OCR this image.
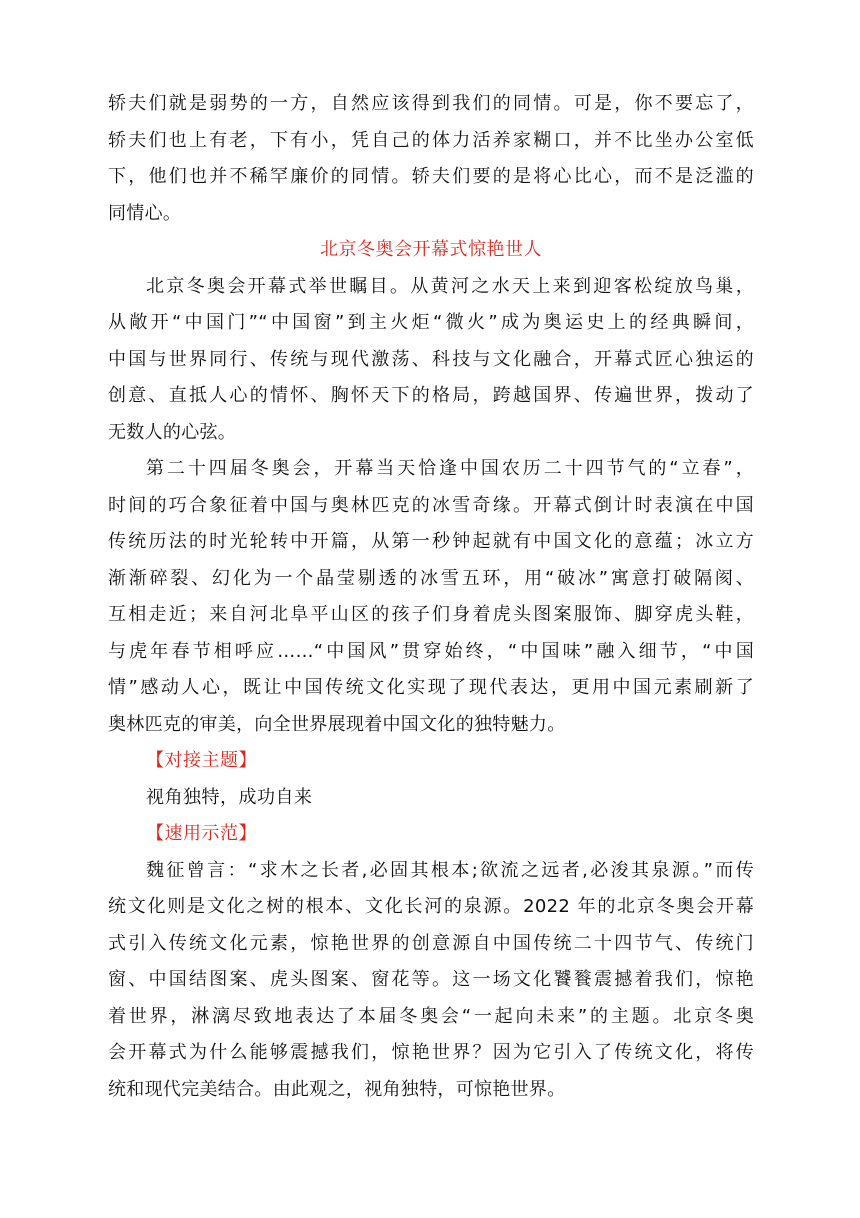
轿夫们就是弱势的一方，自然应该得到我们的同情。可是，你不要忘了，
轿夫们也上有老，下有小，凭自己的体力活养家糊口，并不比坐办公室低
下，他们也并不稀罕廉价的同情。轿夫们要的是将心比心，而不是泛滥的
同情心。
北京冬奥会开幕式惊艳世人
北京冬奥会开幕式举世瞩目。从黄河之水天上来到迎客松绽放鸟巢，
从敞开“中国门”“中国窗”到主火炬“微火”成为奥运史上的经典瞬间，
中国与世界同行、传统与现代激荡、科技与文化融合，开幕式匠心独运的
创意、直抵人心的情怀、胸怀天下的格局，跨越国界、传遍世界，拨动了
无数人的心弦。
第二十四届冬奥会，开幕当天恰逢中国农历二十四节气的“立春”，
时间的巧合象征着中国与奥林匹克的冰雪奇缘。开幕式倒计时表演在中国
传统历法的时光轮转中开篇，从第一秒钟起就有中国文化的意蕴；冰立方
渐渐碎裂、幻化为一个晶莹剔透的冰雪五环，用“破冰”寓意打破隔阂、
互相走近；来自河北阜平山区的孩子们身着虎头图案服饰、脚穿虎头鞋，
与虎年春节相呼应……“中国风”贯穿始终，“中国味”融入细节，“中国
情”感动人心，既让中国传统文化实现了现代表达，更用中国元素刷新了
奥林匹克的审美，向全世界展现着中国文化的独特魅力。
【对接主题】
视角独特，成功自来
【速用示范】
魏征曾言：“求木之长者,必固其根本;欲流之远者,必浚其泉源。”而传
统文化则是文化之树的根本、文化长河的泉源。2022 年的北京冬奥会开幕
式引入传统文化元素，惊艳世界的创意源自中国传统二十四节气、传统门
窗、中国结图案、虎头图案、窗花等。这一场文化饕餮震撼着我们，惊艳
着世界，淋漓尽致地表达了本届冬奥会“一起向未来”的主题。北京冬奥
会开幕式为什么能够震撼我们，惊艳世界？因为它引入了传统文化，将传
统和现代完美结合。由此观之，视角独特，可惊艳世界。
